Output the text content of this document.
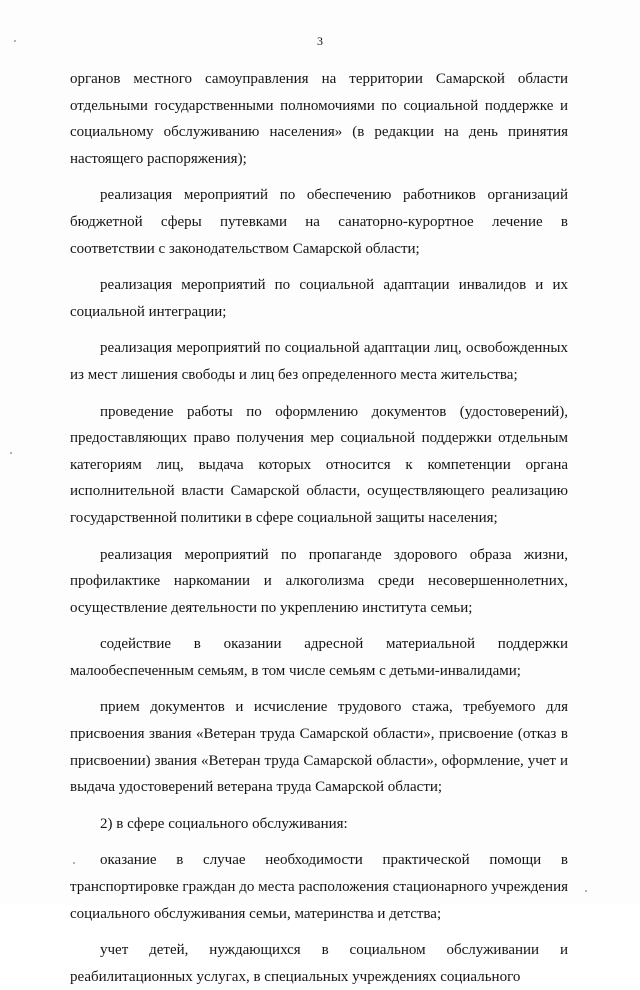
3

органов местного самоуправления на территории Самарской области отдельными государственными полномочиями по социальной поддержке и социальному обслуживанию населения» (в редакции на день принятия настоящего распоряжения);

реализация мероприятий по обеспечению работников организаций бюджетной сферы путевками на санаторно-курортное лечение в соответствии с законодательством Самарской области;

реализация мероприятий по социальной адаптации инвалидов и их социальной интеграции;

реализация мероприятий по социальной адаптации лиц, освобожденных из мест лишения свободы и лиц без определенного места жительства;

проведение работы по оформлению документов (удостоверений), предоставляющих право получения мер социальной поддержки отдельным категориям лиц, выдача которых относится к компетенции органа исполнительной власти Самарской области, осуществляющего реализацию государственной политики в сфере социальной защиты населения;

реализация мероприятий по пропаганде здорового образа жизни, профилактике наркомании и алкоголизма среди несовершеннолетних, осуществление деятельности по укреплению института семьи;

содействие в оказании адресной материальной поддержки малообеспеченным семьям, в том числе семьям с детьми-инвалидами;

прием документов и исчисление трудового стажа, требуемого для присвоения звания «Ветеран труда Самарской области», присвоение (отказ в присвоении) звания «Ветеран труда Самарской области», оформление, учет и выдача удостоверений ветерана труда Самарской области;

2) в сфере социального обслуживания:

оказание в случае необходимости практической помощи в транспортировке граждан до места расположения стационарного учреждения социального обслуживания семьи, материнства и детства;

учет детей, нуждающихся в социальном обслуживании и реабилитационных услугах, в специальных учреждениях социального
